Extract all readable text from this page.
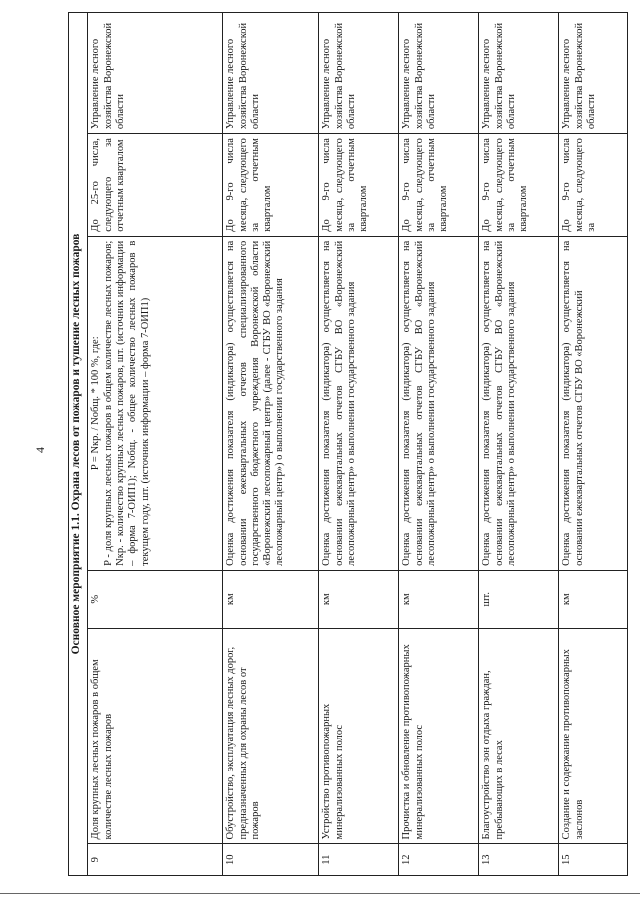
4 Основное мероприятие 1.1. Охрана лесов от пожаров и тушение лесных пожаров					
9	Доля крупных лесных пожаров в общем количестве лесных пожаров	%	P = Nкр. / Nобщ. * 100 %, где: P - доля крупных лесных пожаров в общем количестве лесных пожаров; Nкр. - количество крупных лесных пожаров, шт. (источник информации – форма 7-ОИП1); Nобщ. - общее количество лесных пожаров в текущем году, шт. (источник информации – форма 7-ОИП1)	До 25-го числа, следующего за отчетным кварталом	Управление лесного хозяйства Воронежской области
10	Обустройство, эксплуатация лесных дорог, предназначенных для охраны лесов от пожаров	км	Оценка достижения показателя (индикатора) осуществляется на основании ежеквартальных отчетов специализированного государственного бюджетного учреждения Воронежской области «Воронежский лесопожарный центр» (далее - СГБУ ВО «Воронежский лесопожарный центр») о выполнении государственного задания	До 9-го числа месяца, следующего за отчетным кварталом	Управление лесного хозяйства Воронежской области
11	Устройство противопожарных минерализованных полос	км	Оценка достижения показателя (индикатора) осуществляется на основании ежеквартальных отчетов СГБУ ВО «Воронежский лесопожарный центр» о выполнении государственного задания	До 9-го числа месяца, следующего за отчетным кварталом	Управление лесного хозяйства Воронежской области
12	Прочистка и обновление противопожарных минерализованных полос	км	Оценка достижения показателя (индикатора) осуществляется на основании ежеквартальных отчетов СГБУ ВО «Воронежский лесопожарный центр» о выполнении государственного задания	До 9-го числа месяца, следующего за отчетным кварталом	Управление лесного хозяйства Воронежской области
13	Благоустройство зон отдыха граждан, пребывающих в лесах	шт.	Оценка достижения показателя (индикатора) осуществляется на основании ежеквартальных отчетов СГБУ ВО «Воронежский лесопожарный центр» о выполнении государственного задания	До 9-го числа месяца, следующего за отчетным кварталом	Управление лесного хозяйства Воронежской области
15	Создание и содержание противопожарных заслонов	км	Оценка достижения показателя (индикатора) осуществляется на основании ежеквартальных отчетов СГБУ ВО «Воронежский	До 9-го числа месяца, следующего за	Управление лесного хозяйства Воронежской области
